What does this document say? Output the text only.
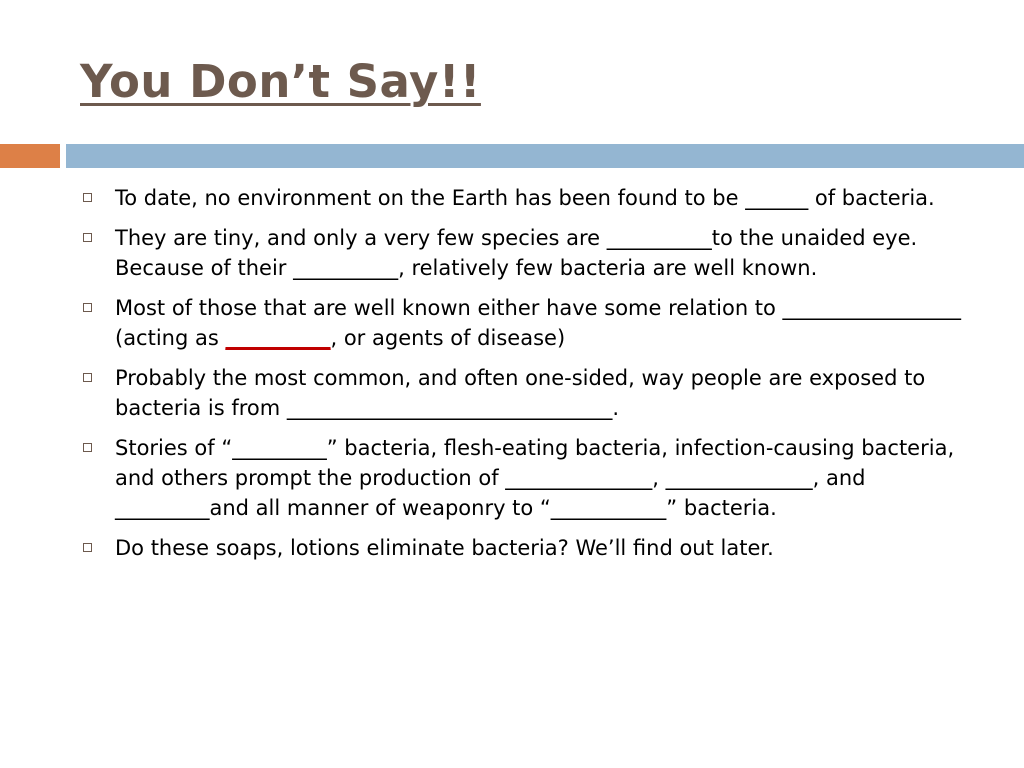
You Don’t Say!!
To date, no environment on the Earth has been found to be ______ of bacteria.
They are tiny, and only a very few species are __________to the unaided eye. Because of their __________, relatively few bacteria are well known.
Most of those that are well known either have some relation to _________________ (acting as __________, or agents of disease)
Probably the most common, and often one-sided, way people are exposed to bacteria is from _______________________________.
Stories of “_________” bacteria, flesh-eating bacteria, infection-causing bacteria, and others prompt the production of ______________, ______________, and _________and all manner of weaponry to “___________” bacteria.
Do these soaps, lotions eliminate bacteria? We’ll find out later.
